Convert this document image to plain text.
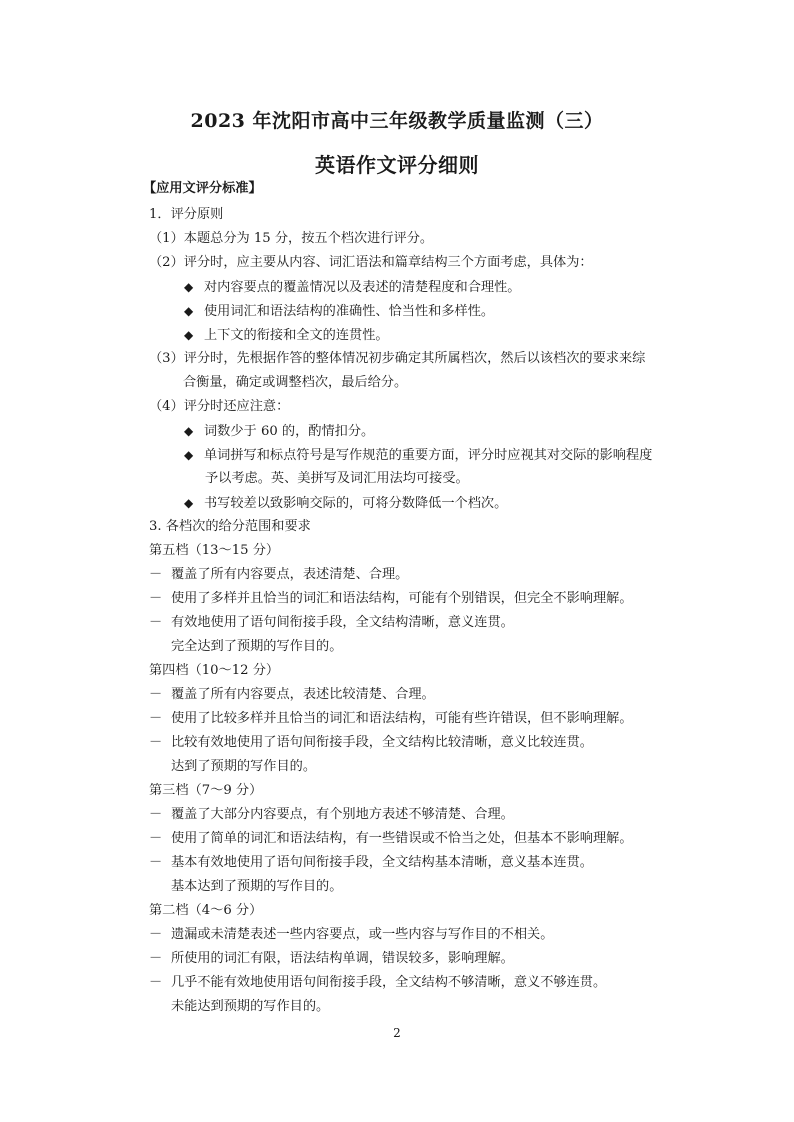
2023 年沈阳市高中三年级教学质量监测（三）
英语作文评分细则
【应用文评分标准】
1．评分原则
（1）本题总分为 15 分，按五个档次进行评分。
（2）评分时，应主要从内容、词汇语法和篇章结构三个方面考虑，具体为：
◆ 对内容要点的覆盖情况以及表述的清楚程度和合理性。
◆ 使用词汇和语法结构的准确性、恰当性和多样性。
◆ 上下文的衔接和全文的连贯性。
（3）评分时，先根据作答的整体情况初步确定其所属档次，然后以该档次的要求来综
合衡量，确定或调整档次，最后给分。
（4）评分时还应注意：
◆ 词数少于 60 的，酌情扣分。
◆ 单词拼写和标点符号是写作规范的重要方面，评分时应视其对交际的影响程度
予以考虑。英、美拼写及词汇用法均可接受。
◆ 书写较差以致影响交际的，可将分数降低一个档次。
3. 各档次的给分范围和要求
第五档（13～15 分）
－ 覆盖了所有内容要点，表述清楚、合理。
－ 使用了多样并且恰当的词汇和语法结构，可能有个别错误，但完全不影响理解。
－ 有效地使用了语句间衔接手段，全文结构清晰，意义连贯。
完全达到了预期的写作目的。
第四档（10～12 分）
－ 覆盖了所有内容要点，表述比较清楚、合理。
－ 使用了比较多样并且恰当的词汇和语法结构，可能有些许错误，但不影响理解。
－ 比较有效地使用了语句间衔接手段，全文结构比较清晰，意义比较连贯。
达到了预期的写作目的。
第三档（7～9 分）
－ 覆盖了大部分内容要点，有个别地方表述不够清楚、合理。
－ 使用了简单的词汇和语法结构，有一些错误或不恰当之处，但基本不影响理解。
－ 基本有效地使用了语句间衔接手段，全文结构基本清晰，意义基本连贯。
基本达到了预期的写作目的。
第二档（4～6 分）
－ 遗漏或未清楚表述一些内容要点，或一些内容与写作目的不相关。
－ 所使用的词汇有限，语法结构单调，错误较多，影响理解。
－ 几乎不能有效地使用语句间衔接手段，全文结构不够清晰，意义不够连贯。
未能达到预期的写作目的。
2
